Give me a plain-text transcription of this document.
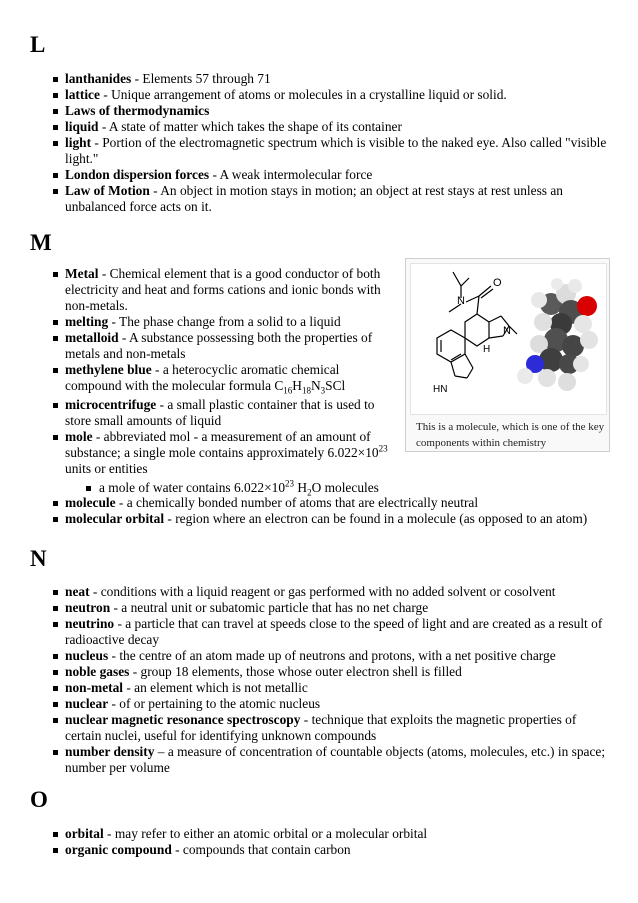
L
lanthanides - Elements 57 through 71
lattice - Unique arrangement of atoms or molecules in a crystalline liquid or solid.
Laws of thermodynamics
liquid - A state of matter which takes the shape of its container
light - Portion of the electromagnetic spectrum which is visible to the naked eye. Also called "visible light."
London dispersion forces - A weak intermolecular force
Law of Motion - An object in motion stays in motion; an object at rest stays at rest unless an unbalanced force acts on it.
M
Metal - Chemical element that is a good conductor of both electricity and heat and forms cations and ionic bonds with non-metals.
melting - The phase change from a solid to a liquid
metalloid - A substance possessing both the properties of metals and non-metals
methylene blue - a heterocyclic aromatic chemical compound with the molecular formula $C_{16}H_{18}N_3SCl$
microcentrifuge - a small plastic container that is used to store small amounts of liquid
mole - abbreviated mol - a measurement of an amount of substance; a single mole contains approximately $6.022\times 10^{23}$ units or entities
a mole of water contains $6.022\times 10^{23}$ $H_2O$ molecules
molecule - a chemically bonded number of atoms that are electrically neutral
molecular orbital - region where an electron can be found in a molecule (as opposed to an atom)
N
O
H
N
HN
This is a molecule, which is one of the key components within chemistry
N
neat - conditions with a liquid reagent or gas performed with no added solvent or cosolvent
neutron - a neutral unit or subatomic particle that has no net charge
neutrino - a particle that can travel at speeds close to the speed of light and are created as a result of radioactive decay
nucleus - the centre of an atom made up of neutrons and protons, with a net positive charge
noble gases - group 18 elements, those whose outer electron shell is filled
non-metal - an element which is not metallic
nuclear - of or pertaining to the atomic nucleus
nuclear magnetic resonance spectroscopy - technique that exploits the magnetic properties of certain nuclei, useful for identifying unknown compounds
number density – a measure of concentration of countable objects (atoms, molecules, etc.) in space; number per volume
O
orbital - may refer to either an atomic orbital or a molecular orbital
organic compound - compounds that contain carbon
